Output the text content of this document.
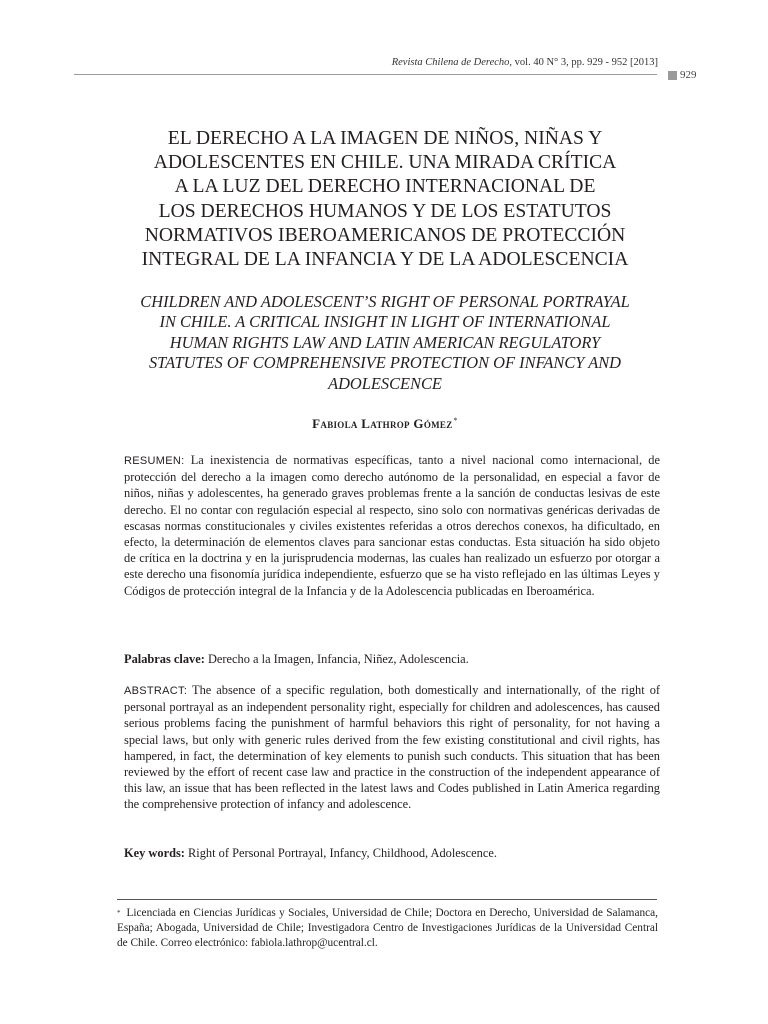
Revista Chilena de Derecho, vol. 40 N° 3, pp. 929 - 952 [2013]
929
EL DERECHO A LA IMAGEN DE NIÑOS, NIÑAS Y
ADOLESCENTES EN CHILE. UNA MIRADA CRÍTICA
A LA LUZ DEL DERECHO INTERNACIONAL DE
LOS DERECHOS HUMANOS Y DE LOS ESTATUTOS
NORMATIVOS IBEROAMERICANOS DE PROTECCIÓN
INTEGRAL DE LA INFANCIA Y DE LA ADOLESCENCIA
CHILDREN AND ADOLESCENT’S RIGHT OF PERSONAL PORTRAYAL
IN CHILE. A CRITICAL INSIGHT IN LIGHT OF INTERNATIONAL
HUMAN RIGHTS LAW AND LATIN AMERICAN REGULATORY
STATUTES OF COMPREHENSIVE PROTECTION OF INFANCY AND
ADOLESCENCE
Fabiola Lathrop Gómez*

RESUMEN: La inexistencia de normativas específicas, tanto a nivel nacional como internacional, de protección del derecho a la imagen como derecho autónomo de la personalidad, en especial a favor de niños, niñas y adolescentes, ha generado graves problemas frente a la sanción de conductas lesivas de este derecho. El no contar con regulación especial al respecto, sino solo con normativas genéricas derivadas de escasas normas constitucionales y civiles existentes referidas a otros derechos conexos, ha dificultado, en efecto, la determinación de elementos claves para sancionar estas conductas. Esta situación ha sido objeto de crítica en la doctrina y en la jurisprudencia modernas, las cuales han realizado un esfuerzo por otorgar a este derecho una fisonomía jurídica independiente, esfuerzo que se ha visto reflejado en las últimas Leyes y Códigos de protección integral de la Infancia y de la Adolescencia publicadas en Iberoamérica.

Palabras clave: Derecho a la Imagen, Infancia, Niñez, Adolescencia.

ABSTRACT: The absence of a specific regulation, both domestically and internationally, of the right of personal portrayal as an independent personality right, especially for children and adolescences, has caused serious problems facing the punishment of harmful behaviors this right of personality, for not having a special laws, but only with generic rules derived from the few existing constitutional and civil rights, has hampered, in fact, the determination of key elements to punish such conducts. This situation that has been reviewed by the effort of recent case law and practice in the construction of the independent appearance of this law, an issue that has been reflected in the latest laws and Codes published in Latin America regarding the comprehensive protection of infancy and adolescence.

Key words: Right of Personal Portrayal, Infancy, Childhood, Adolescence.

* Licenciada en Ciencias Jurídicas y Sociales, Universidad de Chile; Doctora en Derecho, Universidad de Salamanca, España; Abogada, Universidad de Chile; Investigadora Centro de Investigaciones Jurídicas de la Universidad Central de Chile. Correo electrónico: fabiola.lathrop@ucentral.cl.
